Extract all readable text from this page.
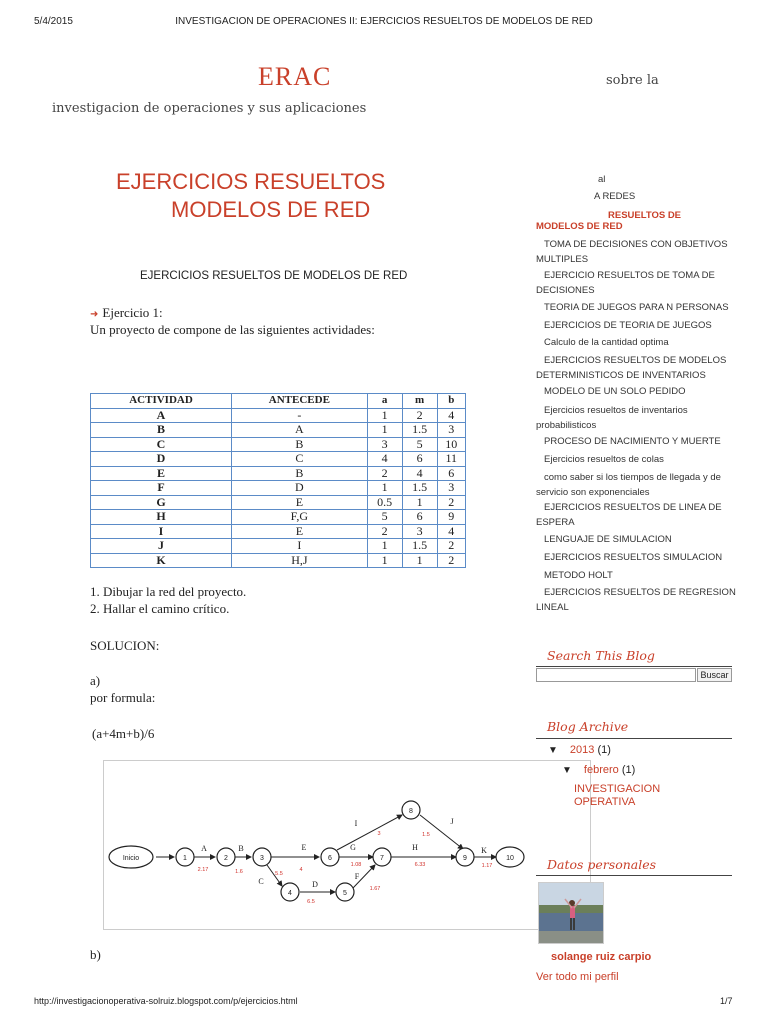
INVESTIGACION DE OPERACIONES II: EJERCICIOS RESUELTOS DE MODELOS DE RED
5/4/2015
ERAC	sobre la
investigacion de operaciones y sus aplicaciones
EJERCICIOS RESUELTOS
MODELOS DE RED
EJERCICIOS RESUELTOS DE MODELOS DE RED
➜ Ejercicio 1:
Un proyecto de compone de las siguientes actividades:
ACTIVIDAD	ANTECEDE	a	m	b
A	-	1	2	4
B	A	1	1.5	3
C	B	3	5	10
D	C	4	6	11
E	B	2	4	6
F	D	1	1.5	3
G	E	0.5	1	2
H	F,G	5	6	9
I	E	2	3	4
J	I	1	1.5	2
K	H,J	1	1	2
1. Dibujar la red del proyecto.
2. Hallar el camino crítico.
SOLUCION:
a)
por formula:
(a+4m+b)/6
Inicio	1	2	3
4	5
6	7
8
9	10
A	B
C	D
E
F
G	H
I	J
K
2.17	1.6	5.5
6.5
4
1.67
1.08	6.33
3	1.5
1.17
b)
al
A REDES
RESUELTOS DE
MODELOS DE RED
TOMA DE DECISIONES CON OBJETIVOS MULTIPLES
EJERCICIO RESUELTOS DE TOMA DE DECISIONES
TEORIA DE JUEGOS PARA N PERSONAS
EJERCICIOS DE TEORIA DE JUEGOS
Calculo de la cantidad optima
EJERCICIOS RESUELTOS DE MODELOS DETERMINISTICOS DE INVENTARIOS
MODELO DE UN SOLO PEDIDO
Ejercicios resueltos de inventarios probabilisticos
PROCESO DE NACIMIENTO Y MUERTE
Ejercicios resueltos de colas
como saber si los tiempos de llegada y de servicio son exponenciales
EJERCICIOS RESUELTOS DE LINEA DE ESPERA
LENGUAJE DE SIMULACION
EJERCICIOS RESUELTOS SIMULACION
METODO HOLT
EJERCICIOS RESUELTOS DE REGRESION LINEAL
Search This Blog
Buscar
Blog Archive
▼ 2013 (1)
▼ febrero (1)
INVESTIGACION OPERATIVA
Datos personales
solange ruiz carpio
Ver todo mi perfil
http://investigacionoperativa-solruiz.blogspot.com/p/ejercicios.html	1/7
